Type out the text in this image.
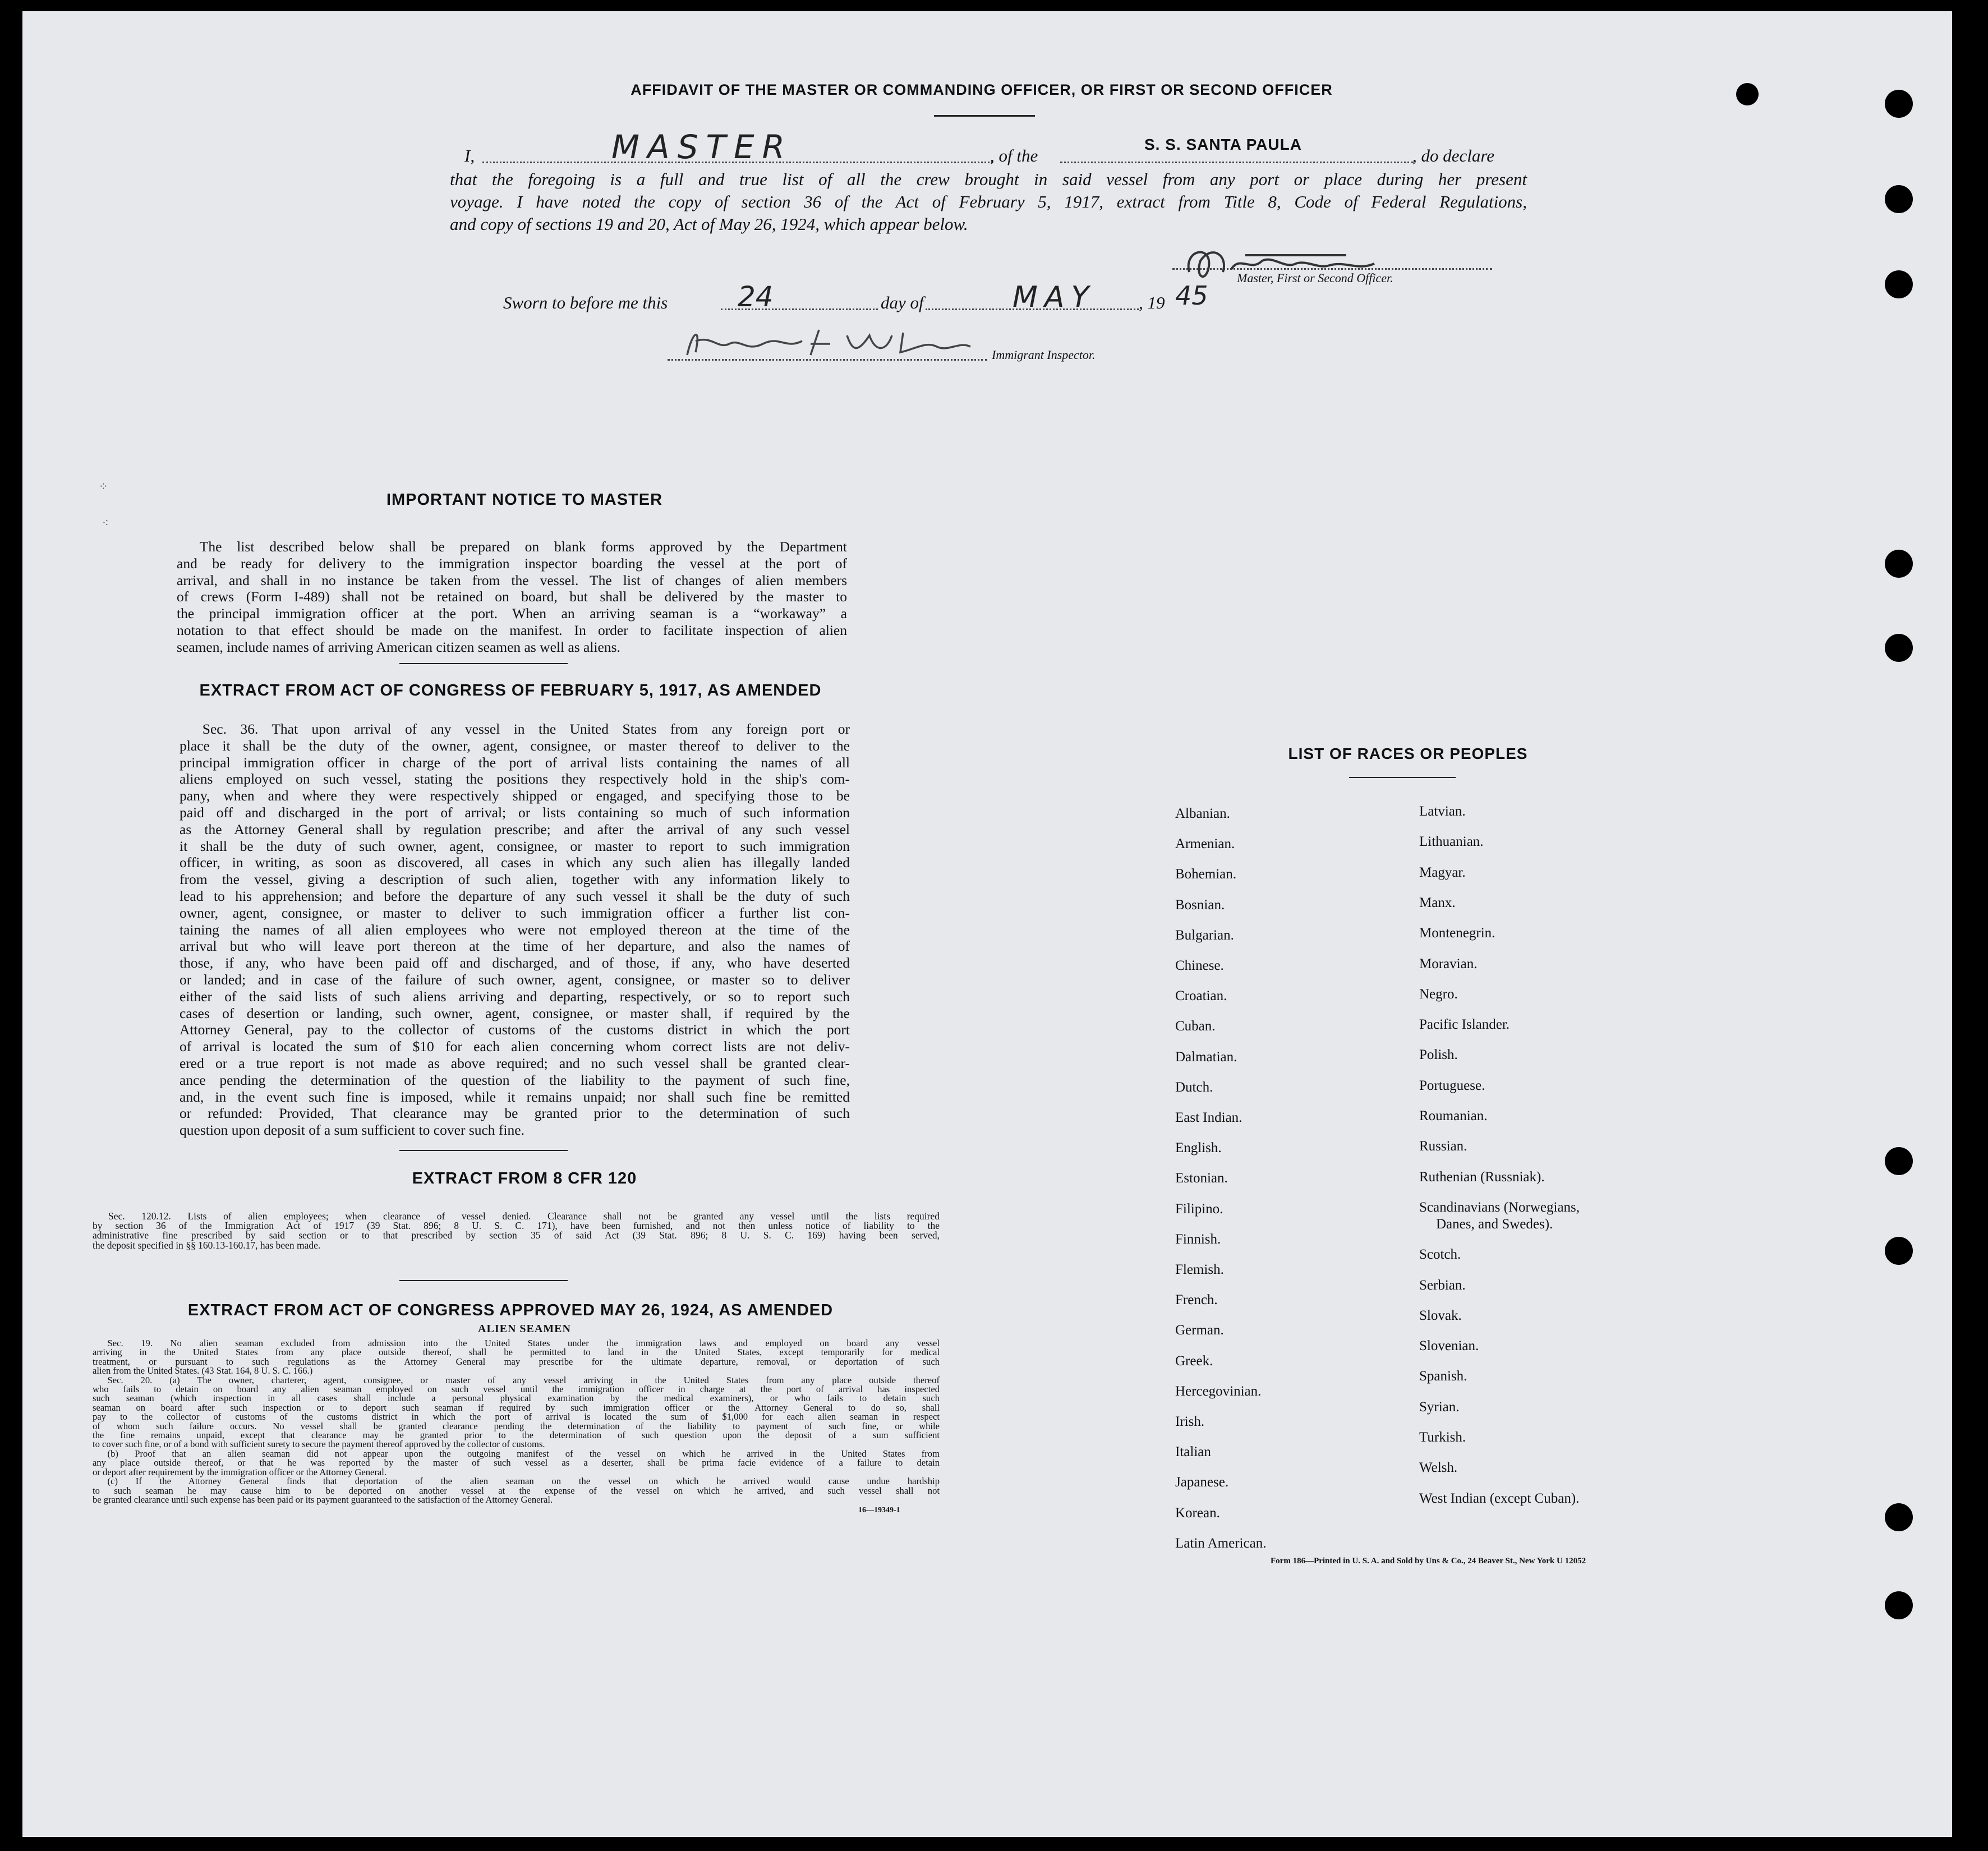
AFFIDAVIT OF THE MASTER OR COMMANDING OFFICER, OR FIRST OR SECOND OFFICER
I,	MASTER	, of the
S. S. SANTA PAULA
, do declare
that the foregoing is a full and true list of all the crew brought in said vessel from any port or place during her present
voyage. I have noted the copy of section 36 of the Act of February 5, 1917, extract from Title 8, Code of Federal Regulations,
and copy of sections 19 and 20, Act of May 26, 1924, which appear below.
Master, First or Second Officer.
Sworn to before me this 24	day of	MAY , 19 45
Immigrant Inspector.
IMPORTANT NOTICE TO MASTER
The list described below shall be prepared on blank forms approved by the Department
and be ready for delivery to the immigration inspector boarding the vessel at the port of
arrival, and shall in no instance be taken from the vessel. The list of changes of alien members
of crews (Form I-489) shall not be retained on board, but shall be delivered by the master to
the principal immigration officer at the port. When an arriving seaman is a “workaway” a
notation to that effect should be made on the manifest. In order to facilitate inspection of alien
seamen, include names of arriving American citizen seamen as well as aliens.
EXTRACT FROM ACT OF CONGRESS OF FEBRUARY 5, 1917, AS AMENDED
Sec. 36. That upon arrival of any vessel in the United States from any foreign port or
place it shall be the duty of the owner, agent, consignee, or master thereof to deliver to the
principal immigration officer in charge of the port of arrival lists containing the names of all
aliens employed on such vessel, stating the positions they respectively hold in the ship's com-
pany, when and where they were respectively shipped or engaged, and specifying those to be
paid off and discharged in the port of arrival; or lists containing so much of such information
as the Attorney General shall by regulation prescribe; and after the arrival of any such vessel
it shall be the duty of such owner, agent, consignee, or master to report to such immigration
officer, in writing, as soon as discovered, all cases in which any such alien has illegally landed
from the vessel, giving a description of such alien, together with any information likely to
lead to his apprehension; and before the departure of any such vessel it shall be the duty of such
owner, agent, consignee, or master to deliver to such immigration officer a further list con-
taining the names of all alien employees who were not employed thereon at the time of the
arrival but who will leave port thereon at the time of her departure, and also the names of
those, if any, who have been paid off and discharged, and of those, if any, who have deserted
or landed; and in case of the failure of such owner, agent, consignee, or master so to deliver
either of the said lists of such aliens arriving and departing, respectively, or so to report such
cases of desertion or landing, such owner, agent, consignee, or master shall, if required by the
Attorney General, pay to the collector of customs of the customs district in which the port
of arrival is located the sum of $10 for each alien concerning whom correct lists are not deliv-
ered or a true report is not made as above required; and no such vessel shall be granted clear-
ance pending the determination of the question of the liability to the payment of such fine,
and, in the event such fine is imposed, while it remains unpaid; nor shall such fine be remitted
or refunded: Provided, That clearance may be granted prior to the determination of such
question upon deposit of a sum sufficient to cover such fine.
EXTRACT FROM 8 CFR 120
Sec. 120.12. Lists of alien employees; when clearance of vessel denied. Clearance shall not be granted any vessel until the lists required
by section 36 of the Immigration Act of 1917 (39 Stat. 896; 8 U. S. C. 171), have been furnished, and not then unless notice of liability to the
administrative fine prescribed by said section or to that prescribed by section 35 of said Act (39 Stat. 896; 8 U. S. C. 169) having been served,
the deposit specified in §§ 160.13-160.17, has been made.
EXTRACT FROM ACT OF CONGRESS APPROVED MAY 26, 1924, AS AMENDED
ALIEN SEAMEN
Sec. 19. No alien seaman excluded from admission into the United States under the immigration laws and employed on board any vessel
arriving in the United States from any place outside thereof, shall be permitted to land in the United States, except temporarily for medical
treatment, or pursuant to such regulations as the Attorney General may prescribe for the ultimate departure, removal, or deportation of such
alien from the United States. (43 Stat. 164, 8 U. S. C. 166.)
Sec. 20. (a) The owner, charterer, agent, consignee, or master of any vessel arriving in the United States from any place outside thereof
who fails to detain on board any alien seaman employed on such vessel until the immigration officer in charge at the port of arrival has inspected
such seaman (which inspection in all cases shall include a personal physical examination by the medical examiners), or who fails to detain such
seaman on board after such inspection or to deport such seaman if required by such immigration officer or the Attorney General to do so, shall
pay to the collector of customs of the customs district in which the port of arrival is located the sum of $1,000 for each alien seaman in respect
of whom such failure occurs. No vessel shall be granted clearance pending the determination of the liability to payment of such fine, or while
the fine remains unpaid, except that clearance may be granted prior to the determination of such question upon the deposit of a sum sufficient
to cover such fine, or of a bond with sufficient surety to secure the payment thereof approved by the collector of customs.
(b) Proof that an alien seaman did not appear upon the outgoing manifest of the vessel on which he arrived in the United States from
any place outside thereof, or that he was reported by the master of such vessel as a deserter, shall be prima facie evidence of a failure to detain
or deport after requirement by the immigration officer or the Attorney General.
(c) If the Attorney General finds that deportation of the alien seaman on the vessel on which he arrived would cause undue hardship
to such seaman he may cause him to be deported on another vessel at the expense of the vessel on which he arrived, and such vessel shall not
be granted clearance until such expense has been paid or its payment guaranteed to the satisfaction of the Attorney General.
16—19349-1
LIST OF RACES OR PEOPLES
Albanian.
Armenian.
Bohemian.
Bosnian.
Bulgarian.
Chinese.
Croatian.
Cuban.
Dalmatian.
Dutch.
East Indian.
English.
Estonian.
Filipino.
Finnish.
Flemish.
French.
German.
Greek.
Hercegovinian.
Irish.
Italian
Japanese.
Korean.
Latin American.
Latvian.
Lithuanian.
Magyar.
Manx.
Montenegrin.
Moravian.
Negro.
Pacific Islander.
Polish.
Portuguese.
Roumanian.
Russian.
Ruthenian (Russniak).
Scandinavians (Norwegians,
Danes, and Swedes).
Scotch.
Serbian.
Slovak.
Slovenian.
Spanish.
Syrian.
Turkish.
Welsh.
West Indian (except Cuban).
Form 186—Printed in U. S. A. and Sold by Uns & Co., 24 Beaver St., New York U 12052
⁘
⁖
